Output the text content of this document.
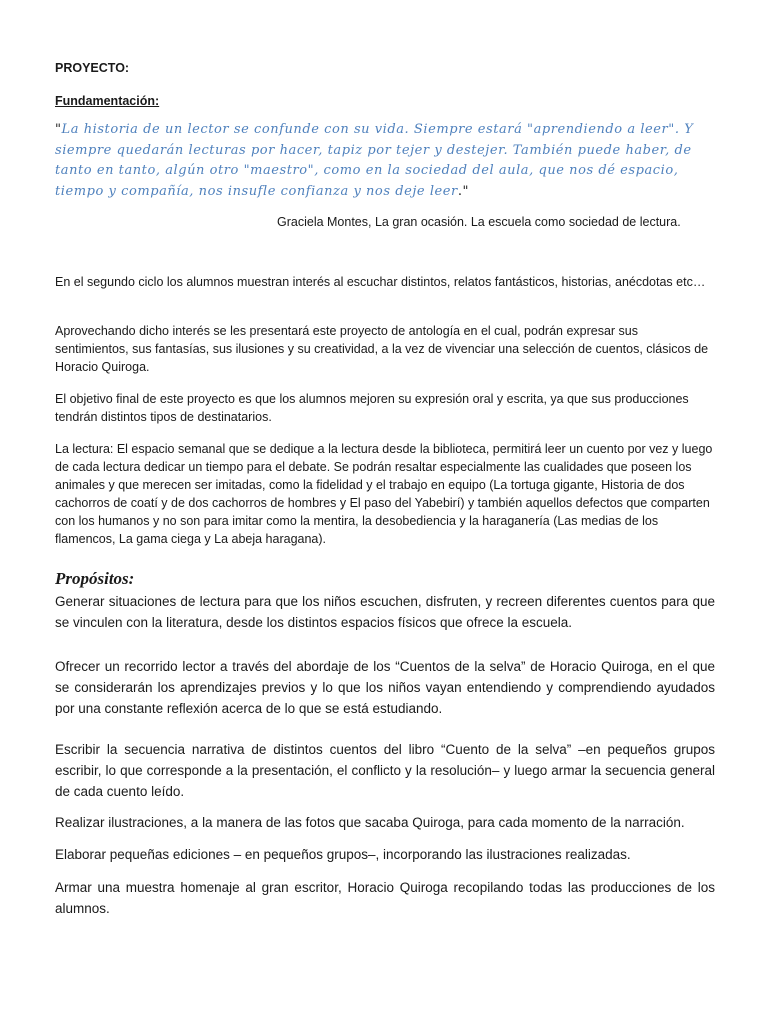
PROYECTO:

Fundamentación:

"La historia de un lector se confunde con su vida. Siempre estará "aprendiendo a leer". Y siempre quedarán lecturas por hacer, tapiz por tejer y destejer. También puede haber, de tanto en tanto, algún otro "maestro", como en la sociedad del aula, que nos dé espacio, tiempo y compañía, nos insufle confianza y nos deje leer."

Graciela Montes, La gran ocasión. La escuela como sociedad de lectura.

En el segundo ciclo los alumnos muestran interés al escuchar distintos, relatos fantásticos, historias, anécdotas etc…

Aprovechando dicho interés se les presentará este proyecto de antología en el cual, podrán expresar sus sentimientos, sus fantasías, sus ilusiones y su creatividad, a la vez de vivenciar una selección de cuentos, clásicos de Horacio Quiroga.

El objetivo final de este proyecto es que los alumnos mejoren su expresión oral y escrita, ya que sus producciones tendrán distintos tipos de destinatarios.

La lectura: El espacio semanal que se dedique a la lectura desde la biblioteca, permitirá leer un cuento por vez y luego de cada lectura dedicar un tiempo para el debate. Se podrán resaltar especialmente las cualidades que poseen los animales y que merecen ser imitadas, como la fidelidad y el trabajo en equipo (La tortuga gigante, Historia de dos cachorros de coatí y de dos cachorros de hombres y El paso del Yabebirí) y también aquellos defectos que comparten con los humanos y no son para imitar como la mentira, la desobediencia y la haraganería (Las medias de los flamencos, La gama ciega y La abeja haragana).

Propósitos:

Generar situaciones de lectura para que los niños escuchen, disfruten, y recreen diferentes cuentos para que se vinculen con la literatura, desde los distintos espacios físicos que ofrece la escuela.

Ofrecer un recorrido lector a través del abordaje de los “Cuentos de la selva” de Horacio Quiroga, en el que se considerarán los aprendizajes previos y lo que los niños vayan entendiendo y comprendiendo ayudados por una constante reflexión acerca de lo que se está estudiando.

Escribir la secuencia narrativa de distintos cuentos del libro “Cuento de la selva” –en pequeños grupos escribir, lo que corresponde a la presentación, el conflicto y la resolución– y luego armar la secuencia general de cada cuento leído.

Realizar ilustraciones, a la manera de las fotos que sacaba Quiroga, para cada momento de la narración.

Elaborar pequeñas ediciones – en pequeños grupos–, incorporando las ilustraciones realizadas.

Armar una muestra homenaje al gran escritor, Horacio Quiroga recopilando todas las producciones de los alumnos.
